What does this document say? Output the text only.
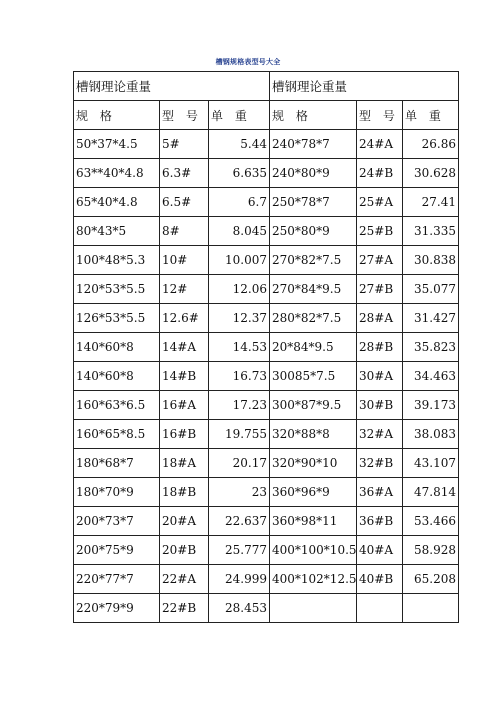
槽钢规格表型号大全
槽钢理论重量			槽钢理论重量		
规 格	型 号	单 重	规 格	型 号	单 重
50*37*4.5	5#	5.44	240*78*7	24#A	26.86
63**40*4.8	6.3#	6.635	240*80*9	24#B	30.628
65*40*4.8	6.5#	6.7	250*78*7	25#A	27.41
80*43*5	8#	8.045	250*80*9	25#B	31.335
100*48*5.3	10#	10.007	270*82*7.5	27#A	30.838
120*53*5.5	12#	12.06	270*84*9.5	27#B	35.077
126*53*5.5	12.6#	12.37	280*82*7.5	28#A	31.427
140*60*8	14#A	14.53	20*84*9.5	28#B	35.823
140*60*8	14#B	16.73	30085*7.5	30#A	34.463
160*63*6.5	16#A	17.23	300*87*9.5	30#B	39.173
160*65*8.5	16#B	19.755	320*88*8	32#A	38.083
180*68*7	18#A	20.17	320*90*10	32#B	43.107
180*70*9	18#B	23	360*96*9	36#A	47.814
200*73*7	20#A	22.637	360*98*11	36#B	53.466
200*75*9	20#B	25.777	400*100*10.5	40#A	58.928
220*77*7	22#A	24.999	400*102*12.5	40#B	65.208
220*79*9	22#B	28.453			
